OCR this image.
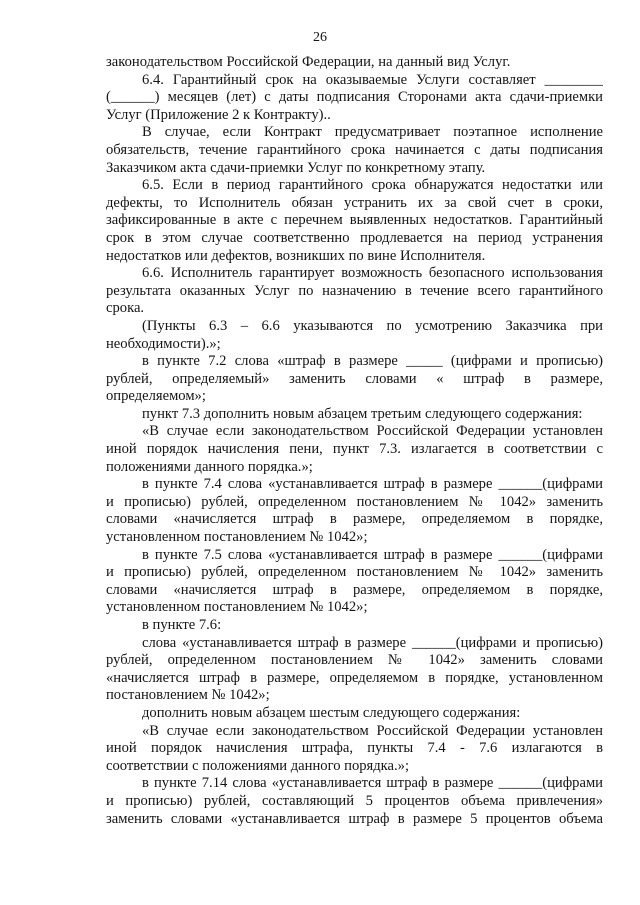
26
законодательством Российской Федерации, на данный вид Услуг.
6.4. Гарантийный срок на оказываемые Услуги составляет ________
(______) месяцев (лет) с даты подписания Сторонами акта сдачи-приемки
Услуг (Приложение 2 к Контракту)..
В случае, если Контракт предусматривает поэтапное исполнение
обязательств, течение гарантийного срока начинается с даты подписания
Заказчиком акта сдачи-приемки Услуг по конкретному этапу.
6.5. Если в период гарантийного срока обнаружатся недостатки или
дефекты, то Исполнитель обязан устранить их за свой счет в сроки,
зафиксированные в акте с перечнем выявленных недостатков. Гарантийный
срок в этом случае соответственно продлевается на период устранения
недостатков или дефектов, возникших по вине Исполнителя.
6.6. Исполнитель гарантирует возможность безопасного использования
результата оказанных Услуг по назначению в течение всего гарантийного
срока.
(Пункты 6.3 – 6.6 указываются по усмотрению Заказчика при
необходимости).»;
в пункте 7.2 слова «штраф в размере _____ (цифрами и прописью)
рублей, определяемый» заменить словами « штраф в размере,
определяемом»;
пункт 7.3 дополнить новым абзацем третьим следующего содержания:
«В случае если законодательством Российской Федерации установлен
иной порядок начисления пени, пункт 7.3. излагается в соответствии с
положениями данного порядка.»;
в пункте 7.4 слова «устанавливается штраф в размере ______(цифрами
и прописью) рублей, определенном постановлением № 1042» заменить
словами «начисляется штраф в размере, определяемом в порядке,
установленном постановлением № 1042»;
в пункте 7.5 слова «устанавливается штраф в размере ______(цифрами
и прописью) рублей, определенном постановлением № 1042» заменить
словами «начисляется штраф в размере, определяемом в порядке,
установленном постановлением № 1042»;
в пункте 7.6:
слова «устанавливается штраф в размере ______(цифрами и прописью)
рублей, определенном постановлением № 1042» заменить словами
«начисляется штраф в размере, определяемом в порядке, установленном
постановлением № 1042»;
дополнить новым абзацем шестым следующего содержания:
«В случае если законодательством Российской Федерации установлен
иной порядок начисления штрафа, пункты 7.4 - 7.6 излагаются в
соответствии с положениями данного порядка.»;
в пункте 7.14 слова «устанавливается штраф в размере ______(цифрами
и прописью) рублей, составляющий 5 процентов объема привлечения»
заменить словами «устанавливается штраф в размере 5 процентов объема
